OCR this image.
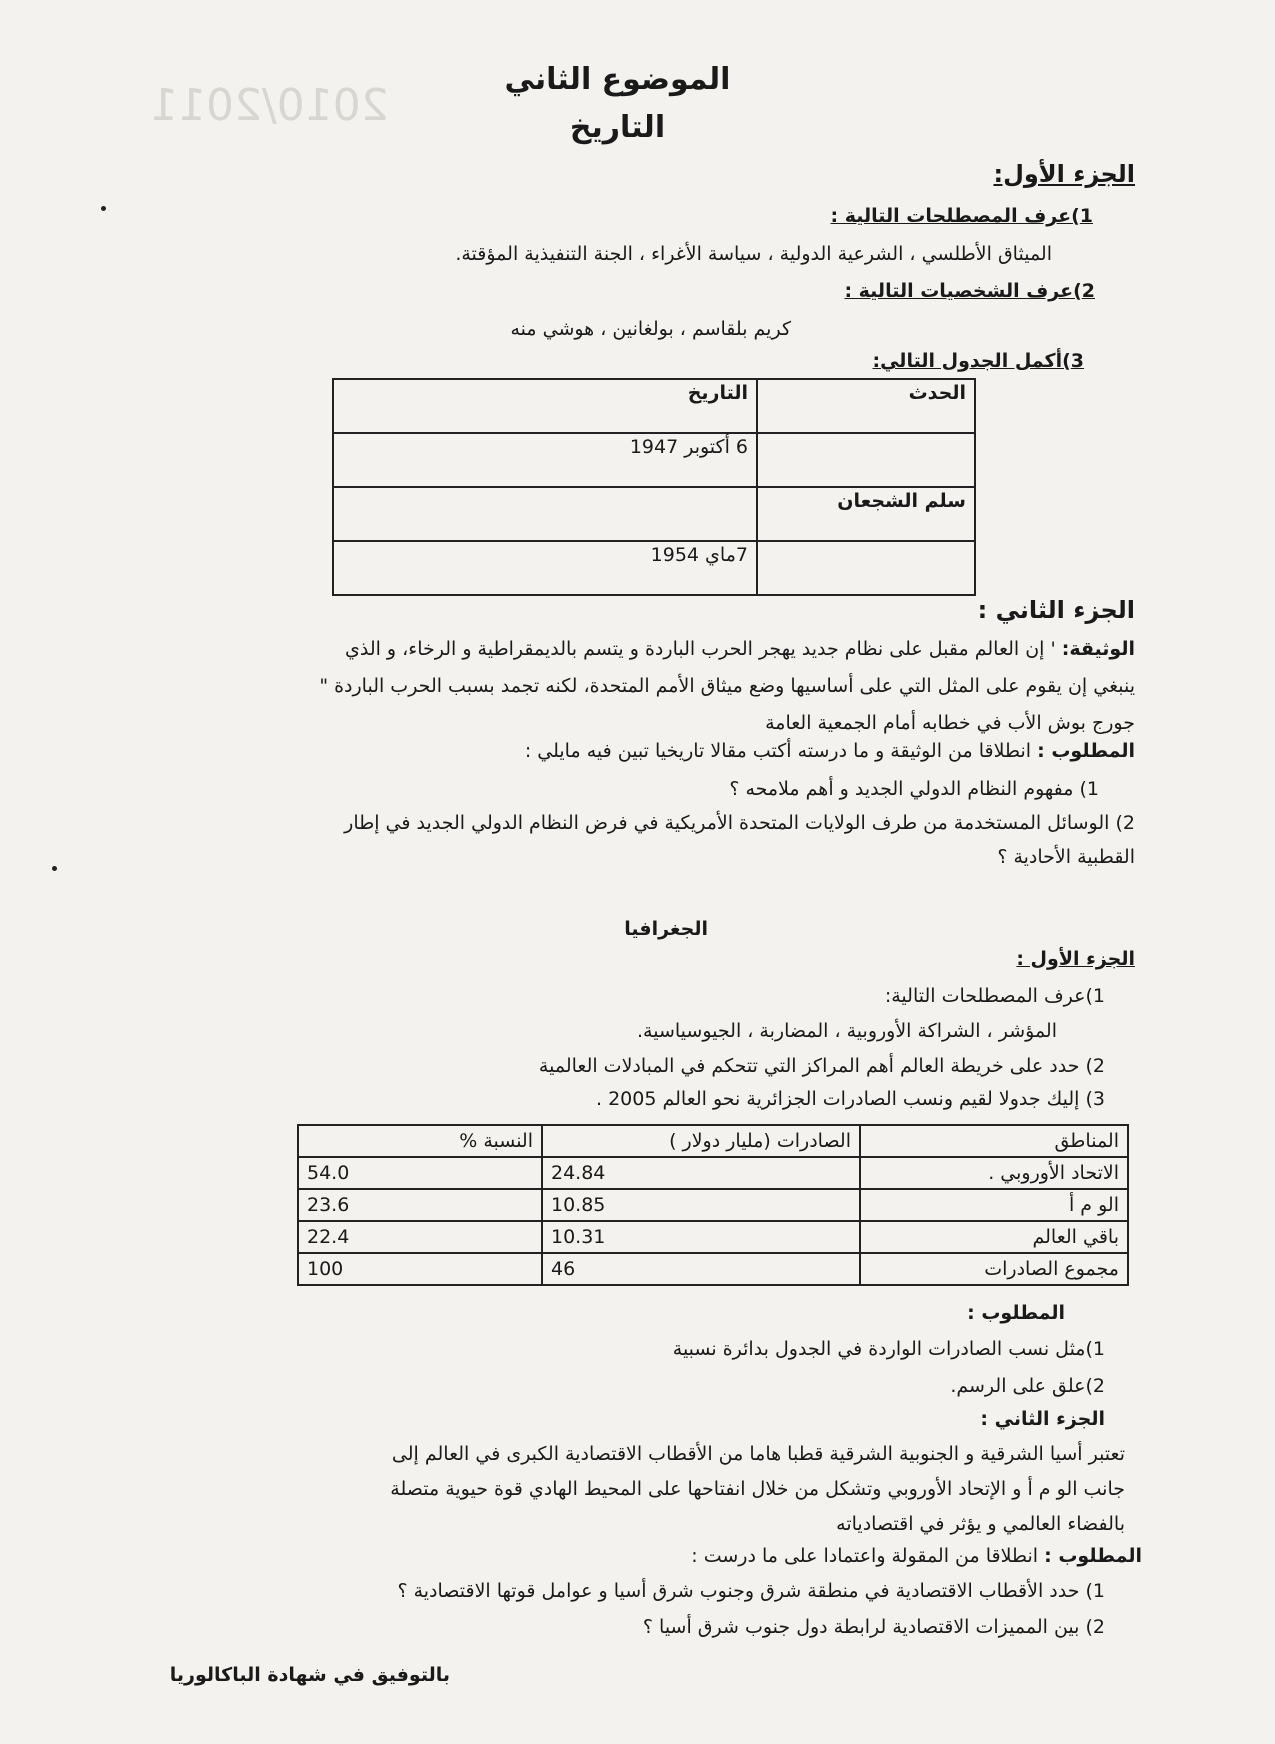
2010/2011
الموضوع الثاني
التاريخ
الجزء الأول:
1)عرف المصطلحات التالية :
الميثاق الأطلسي ، الشرعية الدولية ، سياسة الأغراء ، الجنة التنفيذية المؤقتة.
2)عرف الشخصيات التالية :
كريم بلقاسم ، بولغانين ، هوشي منه
3)أكمل الجدول التالي:
الحدث	التاريخ
	6 أكتوبر 1947
سلم الشجعان	
	7ماي 1954
الجزء الثاني :
الوثيقة: ' إن العالم مقبل على نظام جديد يهجر الحرب الباردة و يتسم بالديمقراطية و الرخاء، و الذي
ينبغي إن يقوم على المثل التي على أساسيها وضع ميثاق الأمم المتحدة، لكنه تجمد بسبب الحرب الباردة "
جورج بوش الأب في خطابه أمام الجمعية العامة
المطلوب : انطلاقا من الوثيقة و ما درسته أكتب مقالا تاريخيا تبين فيه مايلي :
1) مفهوم النظام الدولي الجديد و أهم ملامحه ؟
2) الوسائل المستخدمة من طرف الولايات المتحدة الأمريكية في فرض النظام الدولي الجديد في إطار
القطبية الأحادية ؟
الجغرافيا
الجزء الأول :
1)عرف المصطلحات التالية:
المؤشر ، الشراكة الأوروبية ، المضاربة ، الجيوسياسية.
2) حدد على خريطة العالم أهم المراكز التي تتحكم في المبادلات العالمية
3) إليك جدولا لقيم ونسب الصادرات الجزائرية نحو العالم 2005 .
المناطق	الصادرات (مليار دولار )	النسبة %
الاتحاد الأوروبي .	24.84	54.0
الو م أ	10.85	23.6
باقي العالم	10.31	22.4
مجموع الصادرات	46	100
المطلوب :
1)مثل نسب الصادرات الواردة في الجدول بدائرة نسبية
2)علق على الرسم.
الجزء الثاني :
تعتبر أسيا الشرقية و الجنوبية الشرقية قطبا هاما من الأقطاب الاقتصادية الكبرى في العالم إلى
جانب الو م أ و الإتحاد الأوروبي وتشكل من خلال انفتاحها على المحيط الهادي قوة حيوية متصلة
بالفضاء العالمي و يؤثر في اقتصادياته
المطلوب : انطلاقا من المقولة واعتمادا على ما درست :
1) حدد الأقطاب الاقتصادية في منطقة شرق وجنوب شرق أسيا و عوامل قوتها الاقتصادية ؟
2) بين المميزات الاقتصادية لرابطة دول جنوب شرق أسيا ؟
بالتوفيق في شهادة الباكالوريا
